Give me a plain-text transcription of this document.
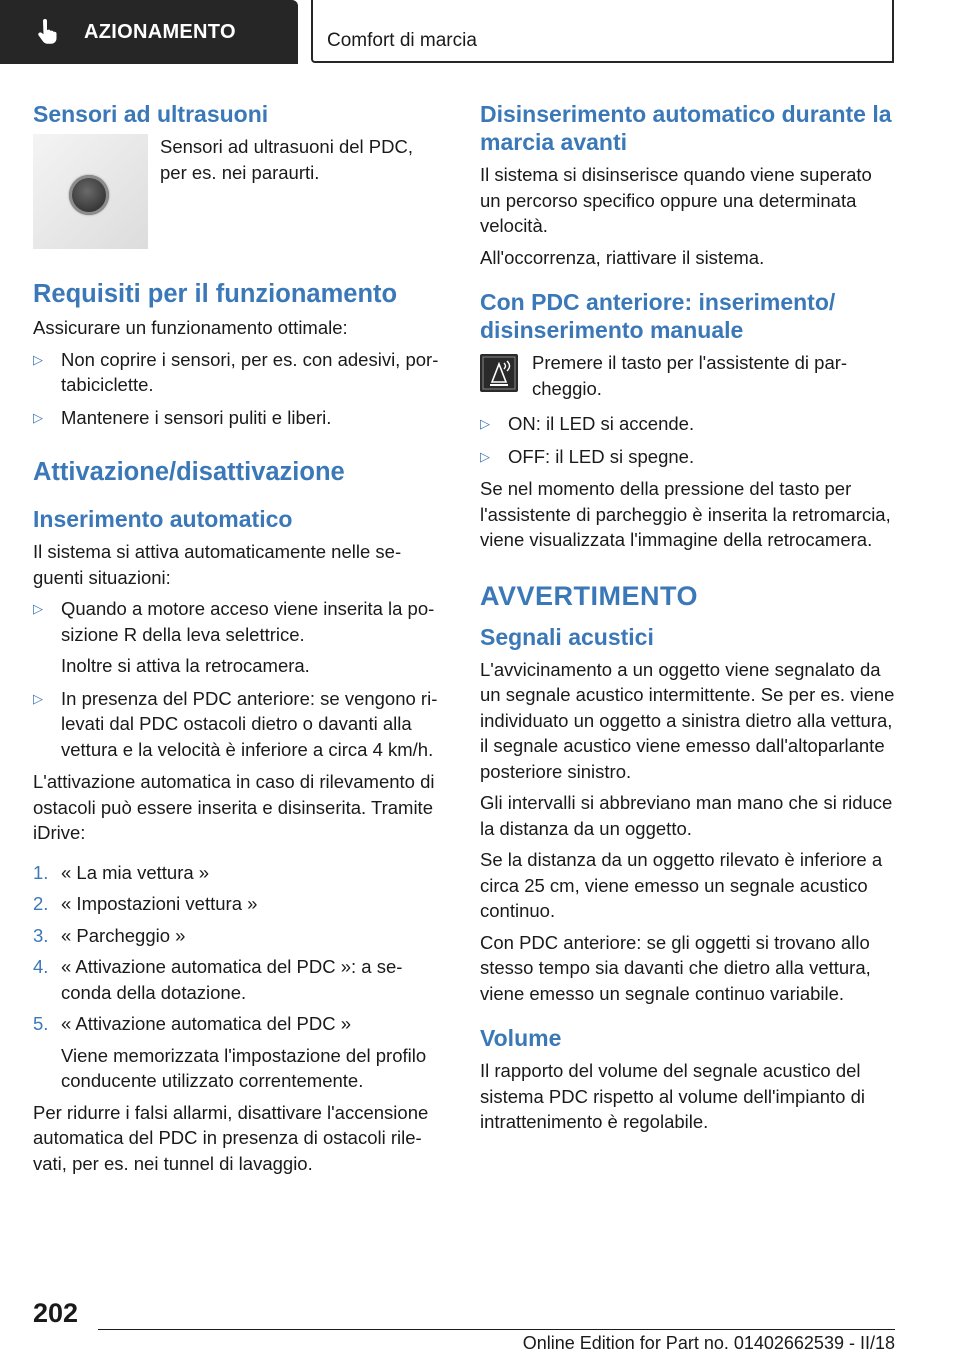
AZIONAMENTO	Comfort di marcia
Sensori ad ultrasuoni
Sensori ad ultrasuoni del PDC, per es. nei paraurti.
Requisiti per il funzionamento

Assicurare un funzionamento ottimale:

▷ Non coprire i sensori, per es. con adesivi, portabiciclette.
▷ Mantenere i sensori puliti e liberi.
Attivazione/disattivazione
Inserimento automatico

Il sistema si attiva automaticamente nelle seguenti situazioni:

▷ Quando a motore acceso viene inserita la posizione R della leva selettrice.
Inoltre si attiva la retrocamera.
▷ In presenza del PDC anteriore: se vengono rilevati dal PDC ostacoli dietro o davanti alla vettura e la velocità è inferiore a circa 4 km/h.

L'attivazione automatica in caso di rilevamento di ostacoli può essere inserita e disinserita. Tramite iDrive:

1. « La mia vettura »
2. « Impostazioni vettura »
3. « Parcheggio »
4. « Attivazione automatica del PDC »: a seconda della dotazione.
5. « Attivazione automatica del PDC »
Viene memorizzata l'impostazione del profilo conducente utilizzato correntemente.

Per ridurre i falsi allarmi, disattivare l'accensione automatica del PDC in presenza di ostacoli rilevati, per es. nei tunnel di lavaggio.

Disinserimento automatico durante la marcia avanti

Il sistema si disinserisce quando viene superato un percorso specifico oppure una determinata velocità.

All'occorrenza, riattivare il sistema.

Con PDC anteriore: inserimento/ disinserimento manuale
Premere il tasto per l'assistente di parcheggio.
▷ ON: il LED si accende.
▷ OFF: il LED si spegne.

Se nel momento della pressione del tasto per l'assistente di parcheggio è inserita la retromarcia, viene visualizzata l'immagine della retrocamera.

AVVERTIMENTO
Segnali acustici

L'avvicinamento a un oggetto viene segnalato da un segnale acustico intermittente. Se per es. viene individuato un oggetto a sinistra dietro alla vettura, il segnale acustico viene emesso dall'altoparlante posteriore sinistro.

Gli intervalli si abbreviano man mano che si riduce la distanza da un oggetto.

Se la distanza da un oggetto rilevato è inferiore a circa 25 cm, viene emesso un segnale acustico continuo.

Con PDC anteriore: se gli oggetti si trovano allo stesso tempo sia davanti che dietro alla vettura, viene emesso un segnale continuo variabile.

Volume

Il rapporto del volume del segnale acustico del sistema PDC rispetto al volume dell'impianto di intrattenimento è regolabile.

202
Online Edition for Part no. 01402662539 - II/18
